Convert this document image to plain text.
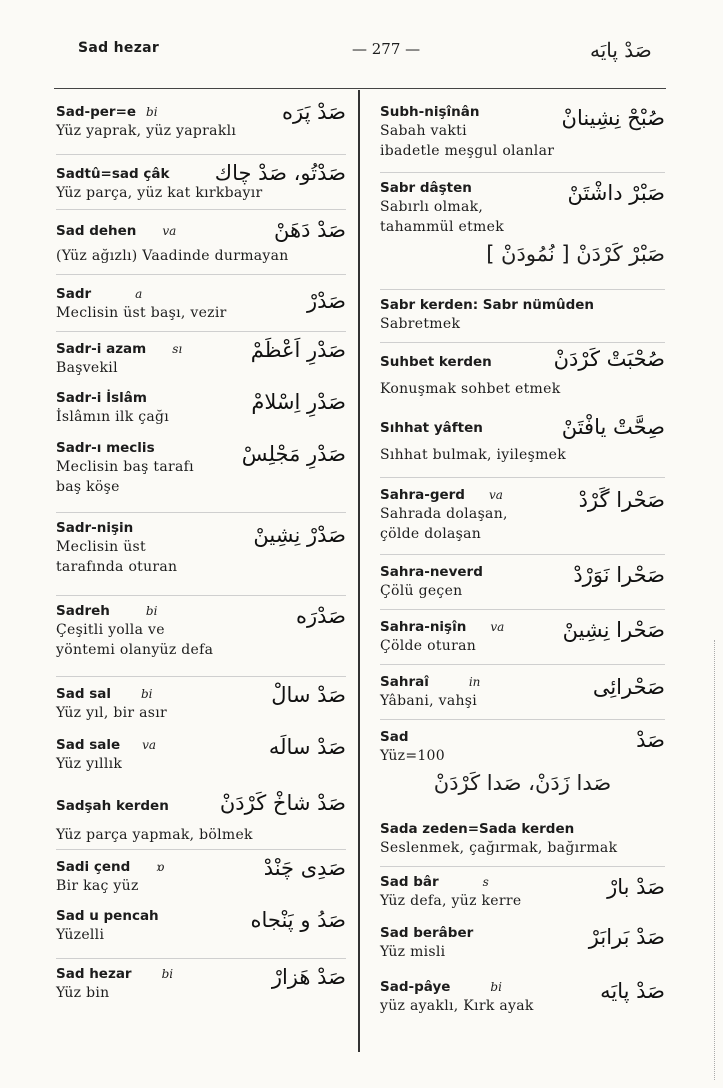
Sad hezar	— 277 —	صَدْ پایَه
Sad-per=e bi	صَدْ پَرَه
Yüz yaprak, yüz yapraklı
Sadtû=sad çâk	صَدْتُو، صَدْ چاك
Yüz parça, yüz kat kırkbayır
Sad dehen va	صَدْ دَهَنْ
(Yüz ağızlı) Vaadinde durmayan
Sadr	a	صَدْرْ
Meclisin üst başı, vezir
Sadr-i azam sı	صَدْرِ اَعْظَمْ
Başvekil
Sadr-i İslâm	صَدْرِ اِسْلامْ
İslâmın ilk çağı
Sadr-ı meclis	صَدْرِ مَجْلِسْ
Meclisin baş tarafı
baş köşe
Sadr-nişin	صَدْرْ نِشِينْ
Meclisin üst
tarafında oturan
Sadreh	bi	صَدْرَه
Çeşitli yolla ve
yöntemi olanyüz defa
Sad sal	bi	صَدْ سالْ
Yüz yıl, bir asır
Sad sale va	صَدْ سالَه
Yüz yıllık
Sadşah kerden	صَدْ شاخْ كَرْدَنْ
Yüz parça yapmak, bölmek
Sadi çend ɒ	صَدِى چَنْدْ
Bir kaç yüz
Sad u pencah	صَدُ و پَنْجاه
Yüzelli
Sad hezar	bi	صَدْ هَزارْ
Yüz bin
Subh-nişînân	صُبْحْ نِشِينانْ
Sabah vakti
ibadetle meşgul olanlar
Sabr dâşten	صَبْرْ داشْتَنْ
Sabırlı olmak,
tahammül etmek
صَبْرْ كَرْدَنْ [ نُمُودَنْ ]
Sabr kerden: Sabr nümûden
Sabretmek
Suhbet kerden	صُحْبَتْ كَرْدَنْ
Konuşmak sohbet etmek
Sıhhat yâften	صِحَّتْ يافْتَنْ
Sıhhat bulmak, iyileşmek
Sahra-gerd va	صَحْرا گَرْدْ
Sahrada dolaşan,
çölde dolaşan
Sahra-neverd	صَحْرا نَوَرْدْ
Çölü geçen
Sahra-nişîn va	صَحْرا نِشِينْ
Çölde oturan
Sahraî	in	صَحْرائِى
Yâbani, vahşi
Sad	صَدْ
Yüz=100
صَدا زَدَنْ، صَدا كَرْدَنْ
Sada zeden=Sada kerden
Seslenmek, çağırmak, bağırmak
Sad bâr	s	صَدْ بارْ
Yüz defa, yüz kerre
Sad berâber	صَدْ بَرابَرْ
Yüz misli
Sad-pâye	bi	صَدْ پایَه
yüz ayaklı, Kırk ayak
